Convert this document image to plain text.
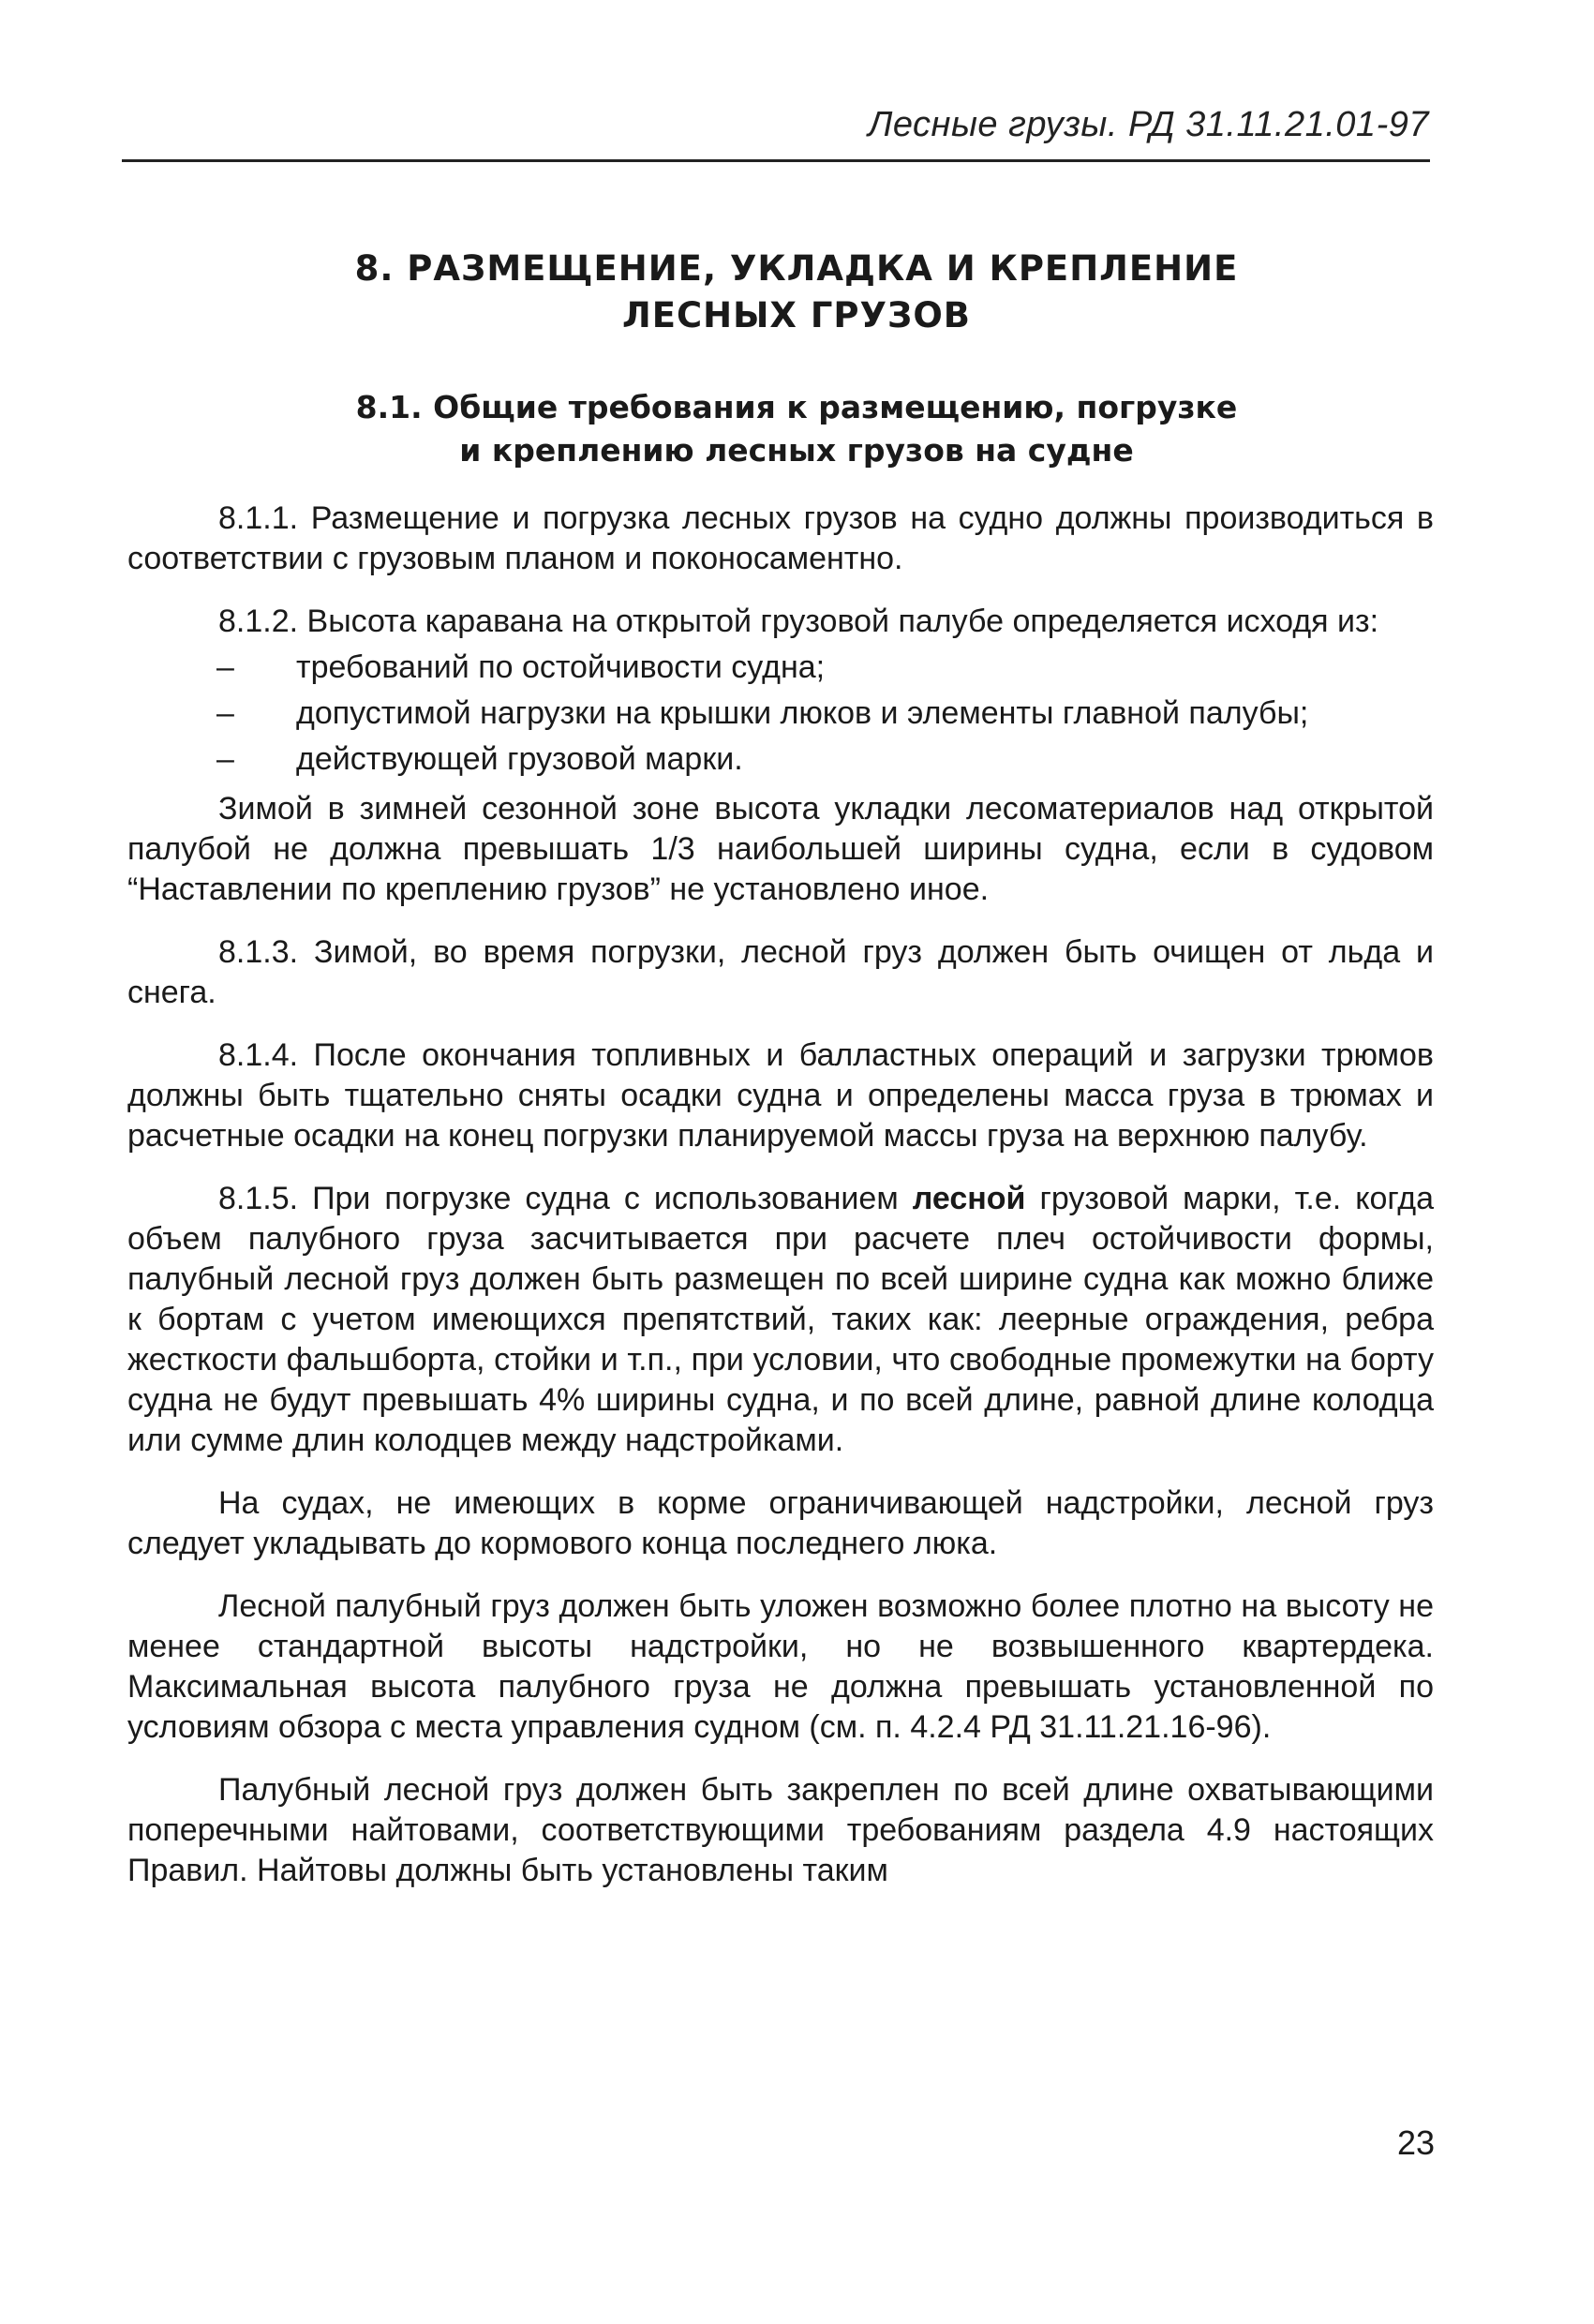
Лесные грузы. РД 31.11.21.01-97
8. РАЗМЕЩЕНИЕ, УКЛАДКА И КРЕПЛЕНИЕ
ЛЕСНЫХ ГРУЗОВ
8.1. Общие требования к размещению, погрузке
и креплению лесных грузов на судне

8.1.1. Размещение и погрузка лесных грузов на судно должны производиться в соответствии с грузовым планом и поконосаментно.

8.1.2. Высота каравана на открытой грузовой палубе определяется исходя из:

– требований по остойчивости судна;
– допустимой нагрузки на крышки люков и элементы главной палубы;
– действующей грузовой марки.

Зимой в зимней сезонной зоне высота укладки лесоматериалов над открытой палубой не должна превышать 1/3 наибольшей ширины судна, если в судовом “Наставлении по креплению грузов” не установлено иное.

8.1.3. Зимой, во время погрузки, лесной груз должен быть очищен от льда и снега.

8.1.4. После окончания топливных и балластных операций и загрузки трюмов должны быть тщательно сняты осадки судна и определены масса груза в трюмах и расчетные осадки на конец погрузки планируемой массы груза на верхнюю палубу.

8.1.5. При погрузке судна с использованием лесной грузовой марки, т.е. когда объем палубного груза засчитывается при расчете плеч остойчивости формы, палубный лесной груз должен быть размещен по всей ширине судна как можно ближе к бортам с учетом имеющихся препятствий, таких как: леерные ограждения, ребра жесткости фальшборта, стойки и т.п., при условии, что свободные промежутки на борту судна не будут превышать 4% ширины судна, и по всей длине, равной длине колодца или сумме длин колодцев между надстройками.

На судах, не имеющих в корме ограничивающей надстройки, лесной груз следует укладывать до кормового конца последнего люка.

Лесной палубный груз должен быть уложен возможно более плотно на высоту не менее стандартной высоты надстройки, но не возвышенного квартердека. Максимальная высота палубного груза не должна превышать установленной по условиям обзора с места управления судном (см. п. 4.2.4 РД 31.11.21.16-96).

Палубный лесной груз должен быть закреплен по всей длине охватывающими поперечными найтовами, соответствующими требованиям раздела 4.9 настоящих Правил. Найтовы должны быть установлены таким

23
